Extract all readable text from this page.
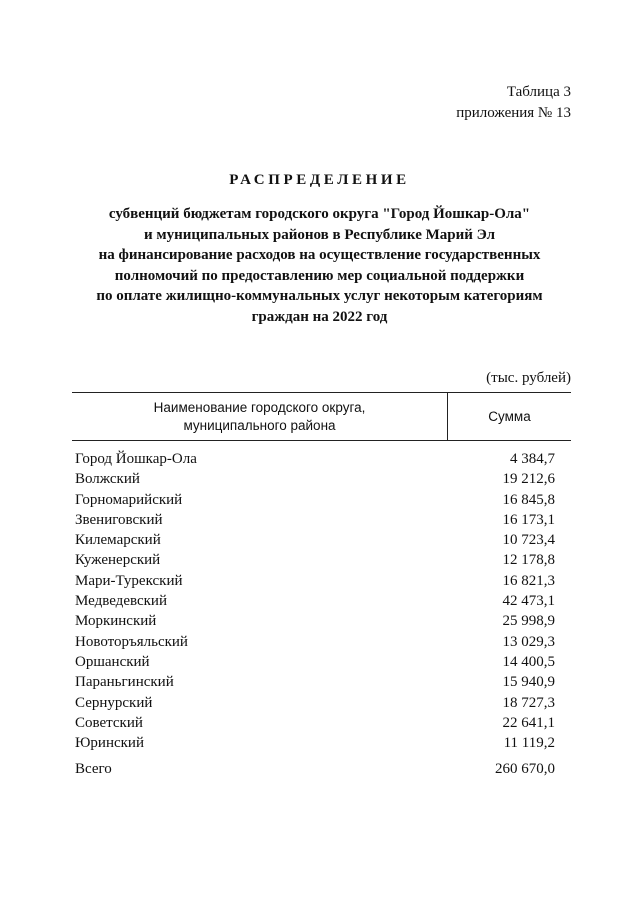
Таблица 3
приложения № 13
РАСПРЕДЕЛЕНИЕ
субвенций бюджетам городского округа "Город Йошкар-Ола"
и муниципальных районов в Республике Марий Эл
на финансирование расходов на осуществление государственных
полномочий по предоставлению мер социальной поддержки
по оплате жилищно-коммунальных услуг некоторым категориям
граждан на 2022 год
(тыс. рублей)
Наименование городского округа,
муниципального района
Сумма
Город Йошкар-Ола	4 384,7
Волжский	19 212,6
Горномарийский	16 845,8
Звениговский	16 173,1
Килемарский	10 723,4
Куженерский	12 178,8
Мари-Турекский	16 821,3
Медведевский	42 473,1
Моркинский	25 998,9
Новоторъяльский	13 029,3
Оршанский	14 400,5
Параньгинский	15 940,9
Сернурский	18 727,3
Советский	22 641,1
Юринский	11 119,2
Всего	260 670,0
